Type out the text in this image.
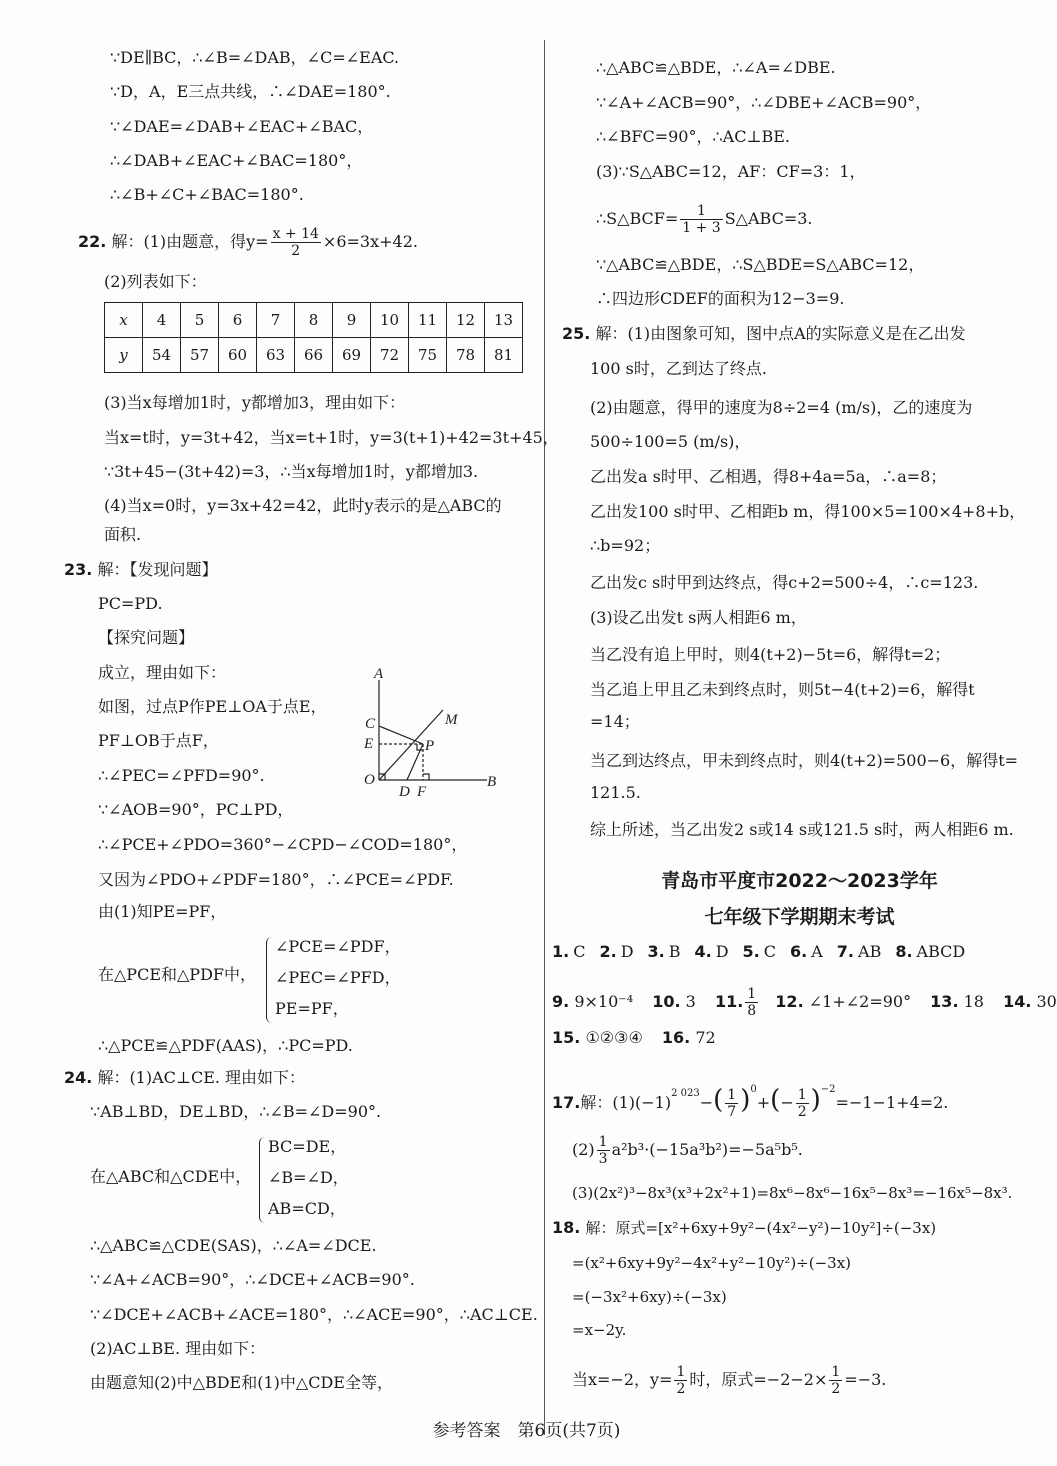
∵DE∥BC，∴∠B=∠DAB，∠C=∠EAC.
∵D，A，E三点共线，∴∠DAE=180°.
∵∠DAE=∠DAB+∠EAC+∠BAC，
∴∠DAB+∠EAC+∠BAC=180°，
∴∠B+∠C+∠BAC=180°.
22. 解：(1)由题意，得$y= \frac{x + 14}{2} \times 6=3x+42$.
(2)列表如下：
x	4	5	6	7	8	9	10	11	12	13
y	54	57	60	63	66	69	72	75	78	81
(3)当x每增加1时，y都增加3，理由如下：
当x=t时，y=3t+42，当x=t+1时，y=3(t+1)+42=3t+45，
∵3t+45−(3t+42)=3，∴当x每增加1时，y都增加3.
(4)当x=0时，y=3x+42=42，此时y表示的是△ABC的
面积.
23. 解：【发现问题】
PC=PD.
【探究问题】
成立，理由如下：
如图，过点P作PE⊥OA于点E，
PF⊥OB于点F，
∴∠PEC=∠PFD=90°.
∵∠AOB=90°，PC⊥PD，
∴∠PCE+∠PDO=360°−∠CPD−∠COD=180°，
又因为∠PDO+∠PDF=180°，∴∠PCE=∠PDF.
由(1)知PE=PF，
在△PCE和△PDF中，
∠PCE=∠PDF，
∠PEC=∠PFD，
PE=PF，
∴△PCE≌△PDF(AAS)，∴PC=PD.
24. 解：(1)AC⊥CE. 理由如下：
∵AB⊥BD，DE⊥BD，∴∠B=∠D=90°.
在△ABC和△CDE中，
BC=DE，
∠B=∠D，
AB=CD，
∴△ABC≌△CDE(SAS)，∴∠A=∠DCE.
∵∠A+∠ACB=90°，∴∠DCE+∠ACB=90°.
∵∠DCE+∠ACB+∠ACE=180°，∴∠ACE=90°，∴AC⊥CE.
(2)AC⊥BE. 理由如下：
由题意知(2)中△BDE和(1)中△CDE全等，
A
C
E
O
D F
B
P
M
∴△ABC≌△BDE，∴∠A=∠DBE.
∵∠A+∠ACB=90°，∴∠DBE+∠ACB=90°，
∴∠BFC=90°，∴AC⊥BE.
(3)∵S△ABC=12，AF：CF=3：1，
∴S△BCF= $\frac{1}{1 + 3}$ S△ABC=3.
∵△ABC≌△BDE，∴S△BDE=S△ABC=12，
∴四边形CDEF的面积为12−3=9.
25. 解：(1)由图象可知，图中点A的实际意义是在乙出发
100 s时，乙到达了终点.
(2)由题意，得甲的速度为8÷2=4 (m/s)，乙的速度为
500÷100=5 (m/s)，
乙出发a s时甲、乙相遇，得8+4a=5a，∴a=8；
乙出发100 s时甲、乙相距b m，得100×5=100×4+8+b，
∴b=92；
乙出发c s时甲到达终点，得c+2=500÷4，∴c=123.
(3)设乙出发t s两人相距6 m，
当乙没有追上甲时，则4(t+2)−5t=6，解得t=2；
当乙追上甲且乙未到终点时，则5t−4(t+2)=6，解得t
=14；
当乙到达终点，甲未到终点时，则4(t+2)=500−6，解得t=
121.5.
综上所述，当乙出发2 s或14 s或121.5 s时，两人相距6 m.
青岛市平度市2022～2023学年
七年级下学期期末考试
1. C 2. D 3. B 4. D 5. C 6. A 7. AB 8. ABCD
9. 9×10⁻⁴ 10. 3 11. $\frac{1}{8} 12$. ∠1+∠2=90° 13. 18 14. 30
15. ①②③④ 16. 72
17.解：$(1)(-1)^{2 023}-( \frac{1}{7} )^0+(- \frac{1}{2} )^{-2}=-1-1+4=2$.
$(2) \frac{1}{3} a^2b^3\cdot(-15a^3b^2)=-5a^5b^5$.
(3)(2x²)³−8x³(x³+2x²+1)=8x⁶−8x⁶−16x⁵−8x³=−16x⁵−8x³.
18. 解：原式=[x²+6xy+9y²−(4x²−y²)−10y²]÷(−3x)
=(x²+6xy+9y²−4x²+y²−10y²)÷(−3x)
=(−3x²+6xy)÷(−3x)
=x−2y.
当x=−2，$y= \frac{1}{2}$ 时，原式$=-2-2\times \frac{1}{2} =-3$.
参考答案　第6页(共7页)
